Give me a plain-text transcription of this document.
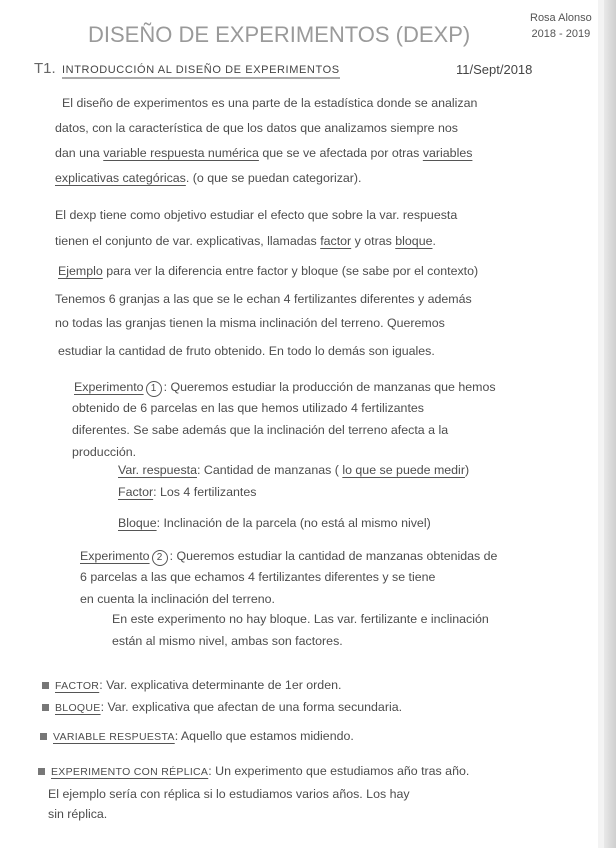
DISEÑO DE EXPERIMENTOS (DEXP)
Rosa Alonso
2018 - 2019
T1. INTRODUCCIÓN AL DISEÑO DE EXPERIMENTOS	11/Sept/2018
El diseño de experimentos es una parte de la estadística donde se analizan
datos, con la característica de que los datos que analizamos siempre nos
dan una variable respuesta numérica que se ve afectada por otras variables
explicativas categóricas. (o que se puedan categorizar).
El dexp tiene como objetivo estudiar el efecto que sobre la var. respuesta
tienen el conjunto de var. explicativas, llamadas factor y otras bloque.
Ejemplo para ver la diferencia entre factor y bloque (se sabe por el contexto)
Tenemos 6 granjas a las que se le echan 4 fertilizantes diferentes y además
no todas las granjas tienen la misma inclinación del terreno. Queremos
estudiar la cantidad de fruto obtenido. En todo lo demás son iguales.
Experimento 1 : Queremos estudiar la producción de manzanas que hemos
obtenido de 6 parcelas en las que hemos utilizado 4 fertilizantes
diferentes. Se sabe además que la inclinación del terreno afecta a la
producción.
Var. respuesta: Cantidad de manzanas ( lo que se puede medir)
Factor: Los 4 fertilizantes
Bloque: Inclinación de la parcela (no está al mismo nivel)
Experimento 2 : Queremos estudiar la cantidad de manzanas obtenidas de
6 parcelas a las que echamos 4 fertilizantes diferentes y se tiene
en cuenta la inclinación del terreno.
En este experimento no hay bloque. Las var. fertilizante e inclinación
están al mismo nivel, ambas son factores.
FACTOR: Var. explicativa determinante de 1er orden.
BLOQUE: Var. explicativa que afectan de una forma secundaria.
VARIABLE RESPUESTA: Aquello que estamos midiendo.
EXPERIMENTO CON RÉPLICA: Un experimento que estudiamos año tras año.
El ejemplo sería con réplica si lo estudiamos varios años. Los hay
sin réplica.
